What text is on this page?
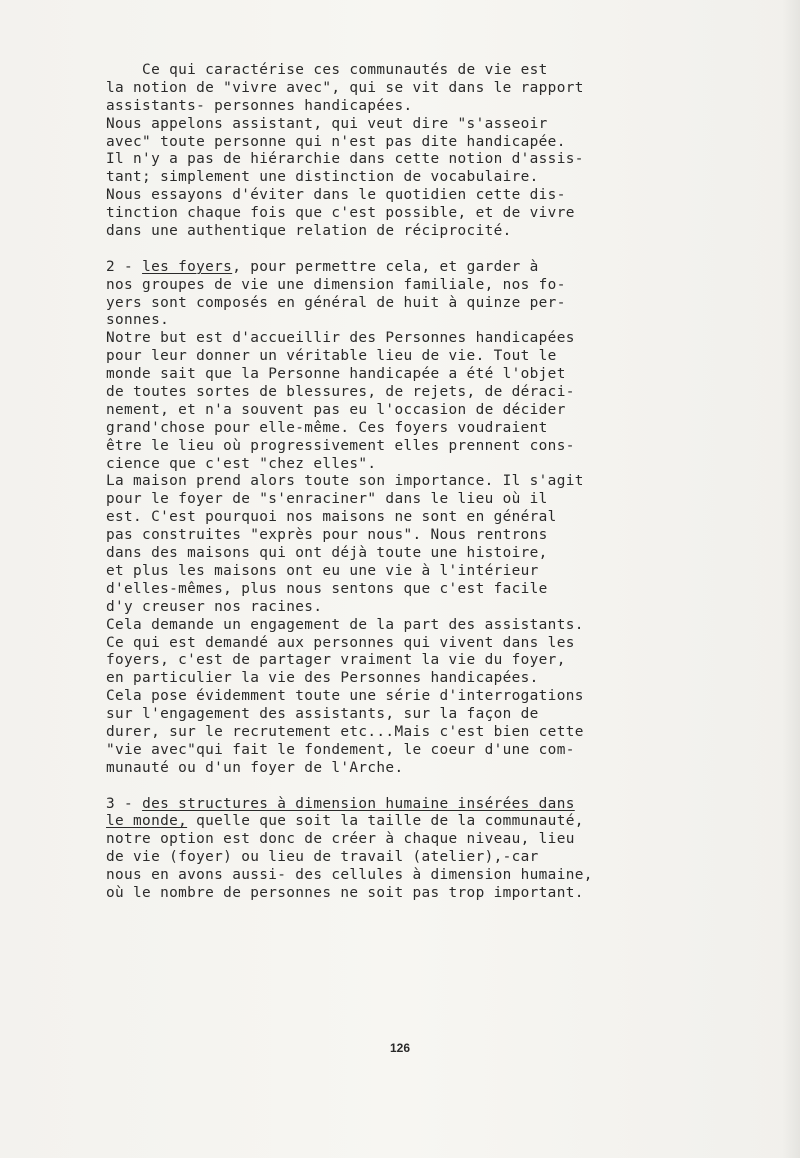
Ce qui caractérise ces communautés de vie est
la notion de "vivre avec", qui se vit dans le rapport
assistants- personnes handicapées.
Nous appelons assistant, qui veut dire "s'asseoir
avec" toute personne qui n'est pas dite handicapée.
Il n'y a pas de hiérarchie dans cette notion d'assis-
tant; simplement une distinction de vocabulaire.
Nous essayons d'éviter dans le quotidien cette dis-
tinction chaque fois que c'est possible, et de vivre
dans une authentique relation de réciprocité.
2 - les foyers, pour permettre cela, et garder à
nos groupes de vie une dimension familiale, nos fo-
yers sont composés en général de huit à quinze per-
sonnes.
Notre but est d'accueillir des Personnes handicapées
pour leur donner un véritable lieu de vie. Tout le
monde sait que la Personne handicapée a été l'objet
de toutes sortes de blessures, de rejets, de déraci-
nement, et n'a souvent pas eu l'occasion de décider
grand'chose pour elle-même. Ces foyers voudraient
être le lieu où progressivement elles prennent cons-
cience que c'est "chez elles".
La maison prend alors toute son importance. Il s'agit
pour le foyer de "s'enraciner" dans le lieu où il
est. C'est pourquoi nos maisons ne sont en général
pas construites "exprès pour nous". Nous rentrons
dans des maisons qui ont déjà toute une histoire,
et plus les maisons ont eu une vie à l'intérieur
d'elles-mêmes, plus nous sentons que c'est facile
d'y creuser nos racines.
Cela demande un engagement de la part des assistants.
Ce qui est demandé aux personnes qui vivent dans les
foyers, c'est de partager vraiment la vie du foyer,
en particulier la vie des Personnes handicapées.
Cela pose évidemment toute une série d'interrogations
sur l'engagement des assistants, sur la façon de
durer, sur le recrutement etc...Mais c'est bien cette
"vie avec"qui fait le fondement, le coeur d'une com-
munauté ou d'un foyer de l'Arche.
3 - des structures à dimension humaine insérées dans
le monde, quelle que soit la taille de la communauté,
notre option est donc de créer à chaque niveau, lieu
de vie (foyer) ou lieu de travail (atelier),-car
nous en avons aussi- des cellules à dimension humaine,
où le nombre de personnes ne soit pas trop important.
126
